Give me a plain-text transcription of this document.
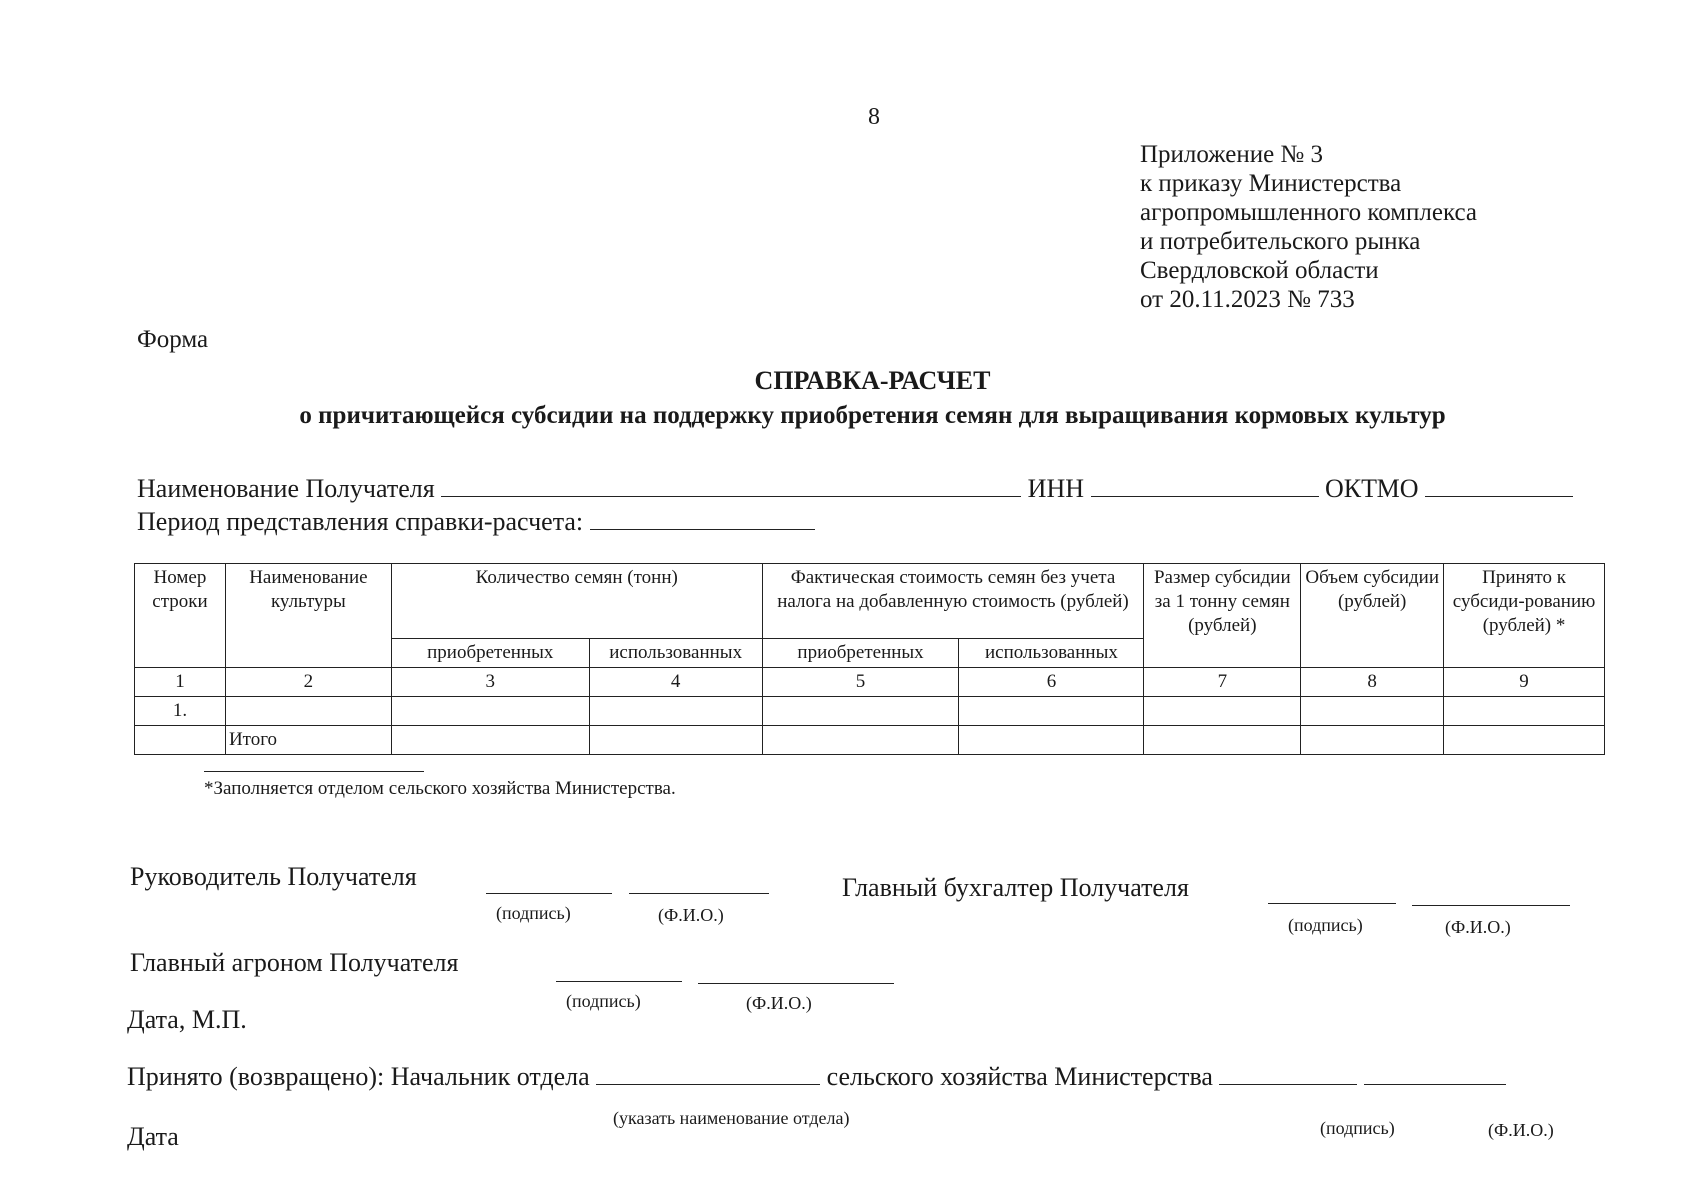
8
Приложение № 3
к приказу Министерства
агропромышленного комплекса
и потребительского рынка
Свердловской области
от 20.11.2023 № 733
Форма
СПРАВКА-РАСЧЕТ
о причитающейся субсидии на поддержку приобретения семян для выращивания кормовых культур
Наименование Получателя	ИНН	ОКТМО
Период представления справки-расчета:
Номер строки	Наименование культуры	Количество семян (тонн)		Фактическая стоимость семян без учета налога на добавленную стоимость (рублей)		Размер субсидии за 1 тонну семян (рублей)	Объем субсидии (рублей)	Принято к субсиди-рованию (рублей) *
		приобретенных	использованных	приобретенных	использованных			
1	2	3	4	5	6	7	8	9
1.								
	Итого							
*Заполняется отделом сельского хозяйства Министерства.
Руководитель Получателя
(подпись)	(Ф.И.О.)
Главный бухгалтер Получателя
(подпись)	(Ф.И.О.)
Главный агроном Получателя
(подпись)	(Ф.И.О.)
Дата, М.П.
Принято (возвращено): Начальник отдела	сельского хозяйства Министерства
(указать наименование отдела)	(подпись)	(Ф.И.О.)
Дата
